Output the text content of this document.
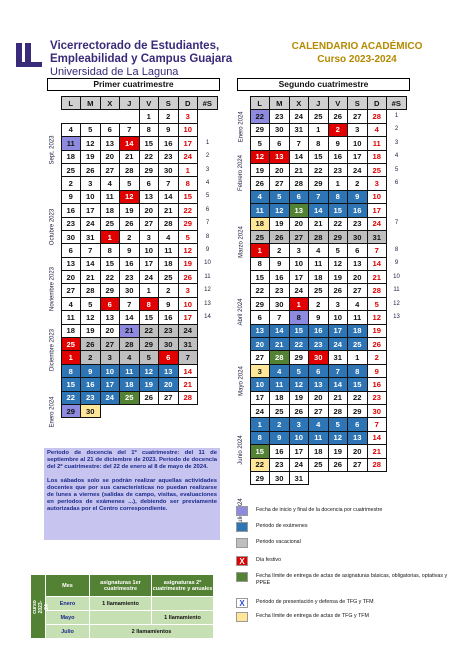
Vicerrectorado de Estudiantes,
Empleabilidad y Campus Guajara
Universidad de La Laguna
CALENDARIO ACADÉMICO
Curso 2023-2024
Primer cuatrimestre	Segundo cuatrimestre
	L	M	X	J	V	S	D	#S
					1	2	3	
	4	5	6	7	8	9	10	
	11	12	13	14	15	16	17	1
	18	19	20	21	22	23	24	2
	25	26	27	28	29	30	1	3
	2	3	4	5	6	7	8	4
	9	10	11	12	13	14	15	5
	16	17	18	19	20	21	22	6
	23	24	25	26	27	28	29	7
	30	31	1	2	3	4	5	8
	6	7	8	9	10	11	12	9
	13	14	15	16	17	18	19	10
	20	21	22	23	24	25	26	11
	27	28	29	30	1	2	3	12
	4	5	6	7	8	9	10	13
	11	12	13	14	15	16	17	14
	18	19	20	21	22	23	24	
	25	26	27	28	29	30	31	
	1	2	3	4	5	6	7	
	8	9	10	11	12	13	14	
	15	16	17	18	19	20	21	
	22	23	24	25	26	27	28	
	29	30						
	L	M	X	J	V	S	D	#S
	22	23	24	25	26	27	28	1
	29	30	31	1	2	3	4	2
	5	6	7	8	9	10	11	3
	12	13	14	15	16	17	18	4
	19	20	21	22	23	24	25	5
	26	27	28	29	1	2	3	6
	4	5	6	7	8	9	10	
	11	12	13	14	15	16	17	
	18	19	20	21	22	23	24	7
	25	26	27	28	29	30	31	
	1	2	3	4	5	6	7	8
	8	9	10	11	12	13	14	9
	15	16	17	18	19	20	21	10
	22	23	24	25	26	27	28	11
	29	30	1	2	3	4	5	12
	6	7	8	9	10	11	12	13
	13	14	15	16	17	18	19	
	20	21	22	23	24	25	26	
	27	28	29	30	31	1	2	
	3	4	5	6	7	8	9	
	10	11	12	13	14	15	16	
	17	18	19	20	21	22	23	
	24	25	26	27	28	29	30	
	1	2	3	4	5	6	7	
	8	9	10	11	12	13	14	
	15	16	17	18	19	20	21	
	22	23	24	25	26	27	28	
	29	30	31					
Sept. 2023
Octubre 2023
Noviembre 2023
Diciembre 2023
Enero 2024
Enero 2024
Febrero 2024
Marzo 2024
Abril 2024
Mayo 2024
Junio 2024

Periodo de docencia del 1º cuatrimestre: del 11 de septiembre al 21 de diciembre de 2023. Periodo de docencia del 2º cuatrimestre: del 22 de enero al 8 de mayo de 2024.

Los sábados solo se podrán realizar aquellas actividades docentes que por sus características no puedan realizarse de lunes a viernes (salidas de campo, visitas, evaluaciones en periodos de exámenes ...), debiendo ser previamente autorizadas por el Centro correspondiente.	Fecha de inicio y final de la docencia por cuatrimestre
Periodo de exámenes
Periodo vacacional
X	Día festivo
Fecha límite de entrega de actas de asignaturas básicas, obligatorias, optativas y PPEE
X	Periodo de presentación y defensa de TFG y TFM
Fecha límite de entrega de actas de TFG y TFM
Convocatorias curso 2023-24	Mes	asignaturas 1er cuatrimestre	asignaturas 2º cuatrimestre y anuales
	Enero	1 llamamiento	
	Mayo		1 llamamiento
	Julio	2 llamamientos	
